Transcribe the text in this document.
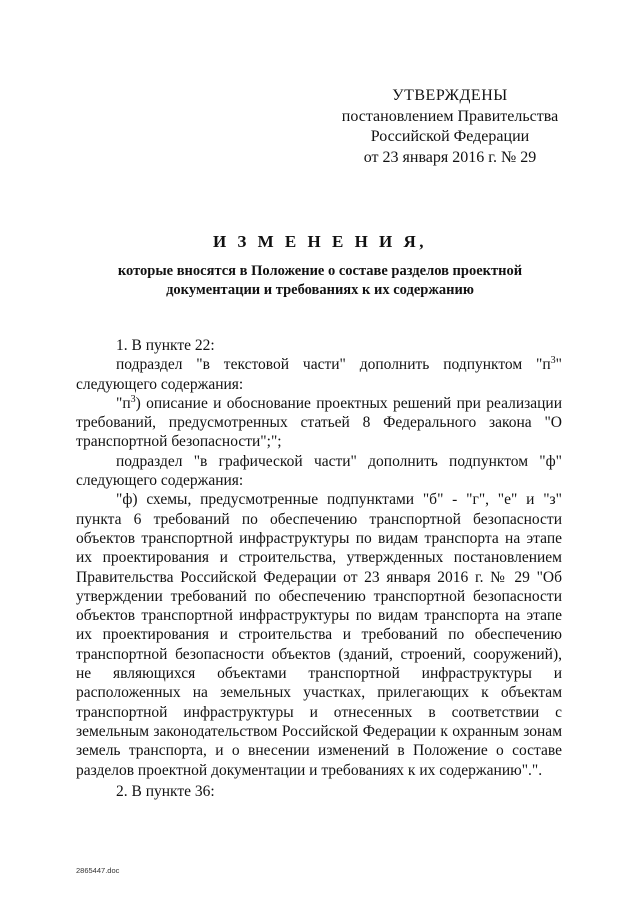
УТВЕРЖДЕНЫ
постановлением Правительства
Российской Федерации
от 23 января 2016 г. № 29
И З М Е Н Е Н И Я,
которые вносятся в Положение о составе разделов проектной документации и требованиях к их содержанию

1. В пункте 22:

подраздел "в текстовой части" дополнить подпунктом "$п^3$" следующего содержания:

"$п^3$) описание и обоснование проектных решений при реализации требований, предусмотренных статьей 8 Федерального закона "О транспортной безопасности";";

подраздел "в графической части" дополнить подпунктом "ф" следующего содержания:

"ф) схемы, предусмотренные подпунктами "б" - "г", "е" и "з" пункта 6 требований по обеспечению транспортной безопасности объектов транспортной инфраструктуры по видам транспорта на этапе их проектирования и строительства, утвержденных постановлением Правительства Российской Федерации от 23 января 2016 г. № 29 "Об утверждении требований по обеспечению транспортной безопасности объектов транспортной инфраструктуры по видам транспорта на этапе их проектирования и строительства и требований по обеспечению транспортной безопасности объектов (зданий, строений, сооружений), не являющихся объектами транспортной инфраструктуры и расположенных на земельных участках, прилегающих к объектам транспортной инфраструктуры и отнесенных в соответствии с земельным законодательством Российской Федерации к охранным зонам земель транспорта, и о внесении изменений в Положение о составе разделов проектной документации и требованиях к их содержанию".".

2. В пункте 36:

2865447.doc
